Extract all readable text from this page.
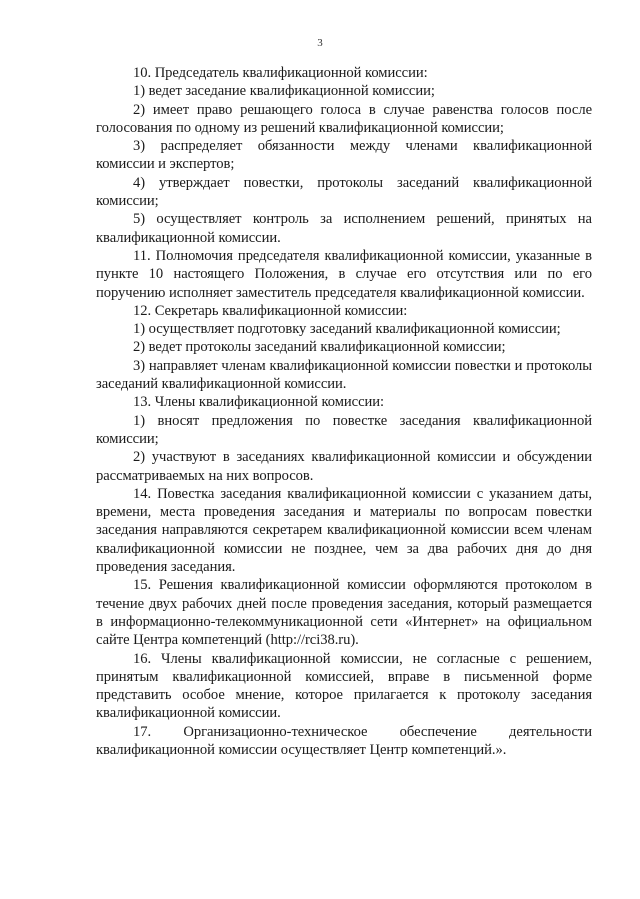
3

10. Председатель квалификационной комиссии:

1) ведет заседание квалификационной комиссии;

2) имеет право решающего голоса в случае равенства голосов после голосования по одному из решений квалификационной комиссии;

3) распределяет обязанности между членами квалификационной комиссии и экспертов;

4) утверждает повестки, протоколы заседаний квалификационной комиссии;

5) осуществляет контроль за исполнением решений, принятых на квалификационной комиссии.

11. Полномочия председателя квалификационной комиссии, указанные в пункте 10 настоящего Положения, в случае его отсутствия или по его поручению исполняет заместитель председателя квалификационной комиссии.

12. Секретарь квалификационной комиссии:

1) осуществляет подготовку заседаний квалификационной комиссии;

2) ведет протоколы заседаний квалификационной комиссии;

3) направляет членам квалификационной комиссии повестки и протоколы заседаний квалификационной комиссии.

13. Члены квалификационной комиссии:

1) вносят предложения по повестке заседания квалификационной комиссии;

2) участвуют в заседаниях квалификационной комиссии и обсуждении рассматриваемых на них вопросов.

14. Повестка заседания квалификационной комиссии с указанием даты, времени, места проведения заседания и материалы по вопросам повестки заседания направляются секретарем квалификационной комиссии всем членам квалификационной комиссии не позднее, чем за два рабочих дня до дня проведения заседания.

15. Решения квалификационной комиссии оформляются протоколом в течение двух рабочих дней после проведения заседания, который размещается в информационно-телекоммуникационной сети «Интернет» на официальном сайте Центра компетенций (http://rci38.ru).

16. Члены квалификационной комиссии, не согласные с решением, принятым квалификационной комиссией, вправе в письменной форме представить особое мнение, которое прилагается к протоколу заседания квалификационной комиссии.

17. Организационно-техническое обеспечение деятельности квалификационной комиссии осуществляет Центр компетенций.».
